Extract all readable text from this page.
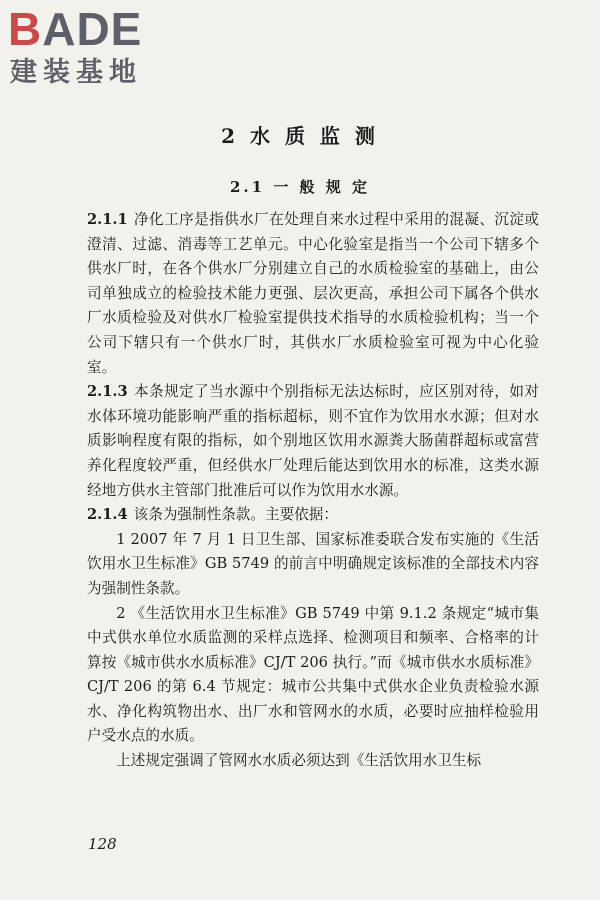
BADE
建装基地
2 水 质 监 测
2.1 一 般 规 定

2.1.1 净化工序是指供水厂在处理自来水过程中采用的混凝、沉淀或澄清、过滤、消毒等工艺单元。中心化验室是指当一个公司下辖多个供水厂时，在各个供水厂分别建立自己的水质检验室的基础上，由公司单独成立的检验技术能力更强、层次更高，承担公司下属各个供水厂水质检验及对供水厂检验室提供技术指导的水质检验机构；当一个公司下辖只有一个供水厂时，其供水厂水质检验室可视为中心化验室。

2.1.3 本条规定了当水源中个别指标无法达标时，应区别对待，如对水体环境功能影响严重的指标超标，则不宜作为饮用水水源；但对水质影响程度有限的指标，如个别地区饮用水源粪大肠菌群超标或富营养化程度较严重，但经供水厂处理后能达到饮用水的标准，这类水源经地方供水主管部门批准后可以作为饮用水水源。

2.1.4 该条为强制性条款。主要依据：

1 2007 年 7 月 1 日卫生部、国家标准委联合发布实施的《生活饮用水卫生标准》GB 5749 的前言中明确规定该标准的全部技术内容为强制性条款。

2 《生活饮用水卫生标准》GB 5749 中第 9.1.2 条规定“城市集中式供水单位水质监测的采样点选择、检测项目和频率、合格率的计算按《城市供水水质标准》CJ/T 206 执行。”而《城市供水水质标准》CJ/T 206 的第 6.4 节规定：城市公共集中式供水企业负责检验水源水、净化构筑物出水、出厂水和管网水的水质，必要时应抽样检验用户受水点的水质。

上述规定强调了管网水水质必须达到《生活饮用水卫生标

128
